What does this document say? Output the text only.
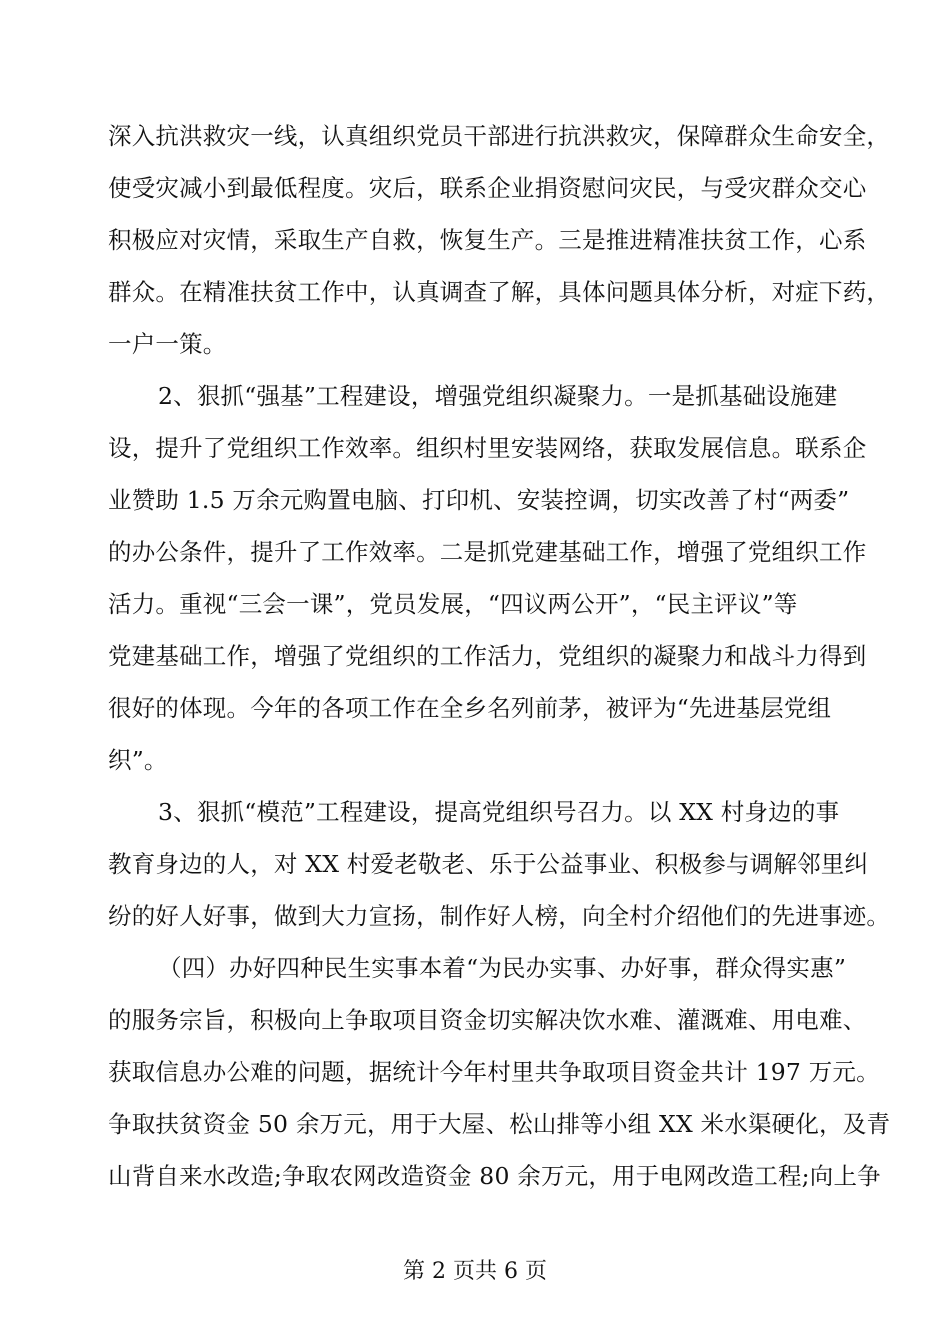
深入抗洪救灾一线，认真组织党员干部进行抗洪救灾，保障群众生命安全，
使受灾减小到最低程度。灾后，联系企业捐资慰问灾民，与受灾群众交心
积极应对灾情，采取生产自救，恢复生产。三是推进精准扶贫工作，心系
群众。在精准扶贫工作中，认真调查了解，具体问题具体分析，对症下药，
一户一策。
2、狠抓“强基”工程建设，增强党组织凝聚力。一是抓基础设施建
设，提升了党组织工作效率。组织村里安装网络，获取发展信息。联系企
业赞助 1.5 万余元购置电脑、打印机、安装控调，切实改善了村“两委”
的办公条件，提升了工作效率。二是抓党建基础工作，增强了党组织工作
活力。重视“三会一课”，党员发展，“四议两公开”，“民主评议”等
党建基础工作，增强了党组织的工作活力，党组织的凝聚力和战斗力得到
很好的体现。今年的各项工作在全乡名列前茅，被评为“先进基层党组
织”。
3、狠抓“模范”工程建设，提高党组织号召力。以 XX 村身边的事
教育身边的人，对 XX 村爱老敬老、乐于公益事业、积极参与调解邻里纠
纷的好人好事，做到大力宣扬，制作好人榜，向全村介绍他们的先进事迹。
（四）办好四种民生实事本着“为民办实事、办好事，群众得实惠”
的服务宗旨，积极向上争取项目资金切实解决饮水难、灌溉难、用电难、
获取信息办公难的问题，据统计今年村里共争取项目资金共计 197 万元。
争取扶贫资金 50 余万元，用于大屋、松山排等小组 XX 米水渠硬化，及青
山背自来水改造;争取农网改造资金 80 余万元，用于电网改造工程;向上争
第 2 页共 6 页
